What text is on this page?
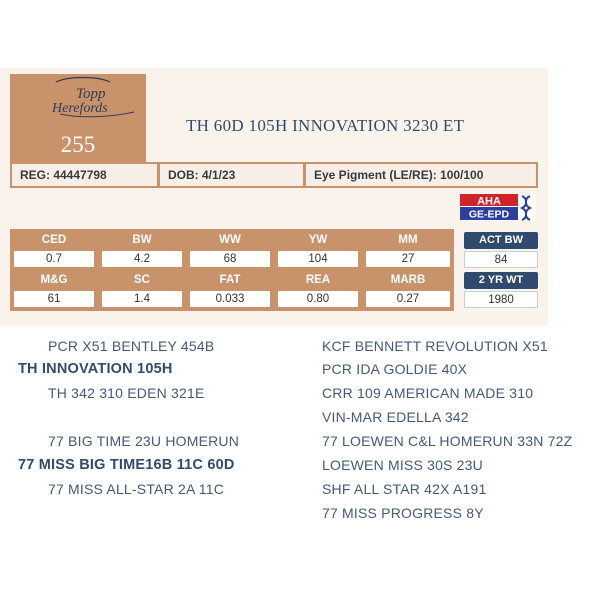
Topp
Herefords
255
TH 60D 105H INNOVATION 3230 ET
REG: 44447798	DOB: 4/1/23	Eye Pigment (LE/RE): 100/100
AHA
GE-EPD
CED	BW	WW	YW	MM
0.7	4.2	68	104	27
M&G	SC	FAT	REA	MARB
61	1.4	0.033	0.80	0.27
ACT BW
84
2 YR WT
1980
PCR X51 BENTLEY 454B
TH INNOVATION 105H
TH 342 310 EDEN 321E
77 BIG TIME 23U HOMERUN
77 MISS BIG TIME16B 11C 60D
77 MISS ALL-STAR 2A 11C
KCF BENNETT REVOLUTION X51
PCR IDA GOLDIE 40X
CRR 109 AMERICAN MADE 310
VIN-MAR EDELLA 342
77 LOEWEN C&L HOMERUN 33N 72Z
LOEWEN MISS 30S 23U
SHF ALL STAR 42X A191
77 MISS PROGRESS 8Y
